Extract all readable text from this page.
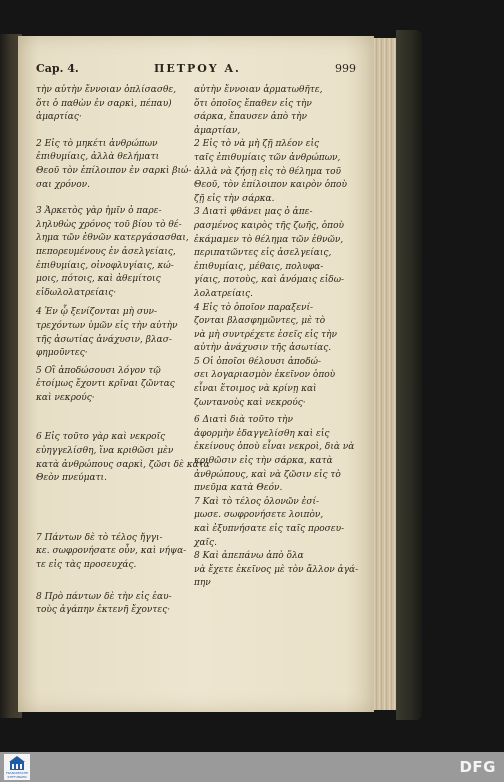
Cap. 4.	ΠΕΤΡΟΥ Α.	999

τὴν αὐτὴν ἔννοιαν ὁπλίσασθε,
ὅτι ὁ παθὼν ἐν σαρκὶ, πέπαυ)
ἁμαρτίας·

2 Εἰς τὸ μηκέτι ἀνθρώπων
ἐπιθυμίαις, ἀλλὰ θελήματι
Θεοῦ τὸν ἐπίλοιπον ἐν σαρκὶ βιώ-
σαι χρόνον.

3 Ἀρκετὸς γὰρ ἡμῖν ὁ παρε-
ληλυθὼς χρόνος τοῦ βίου τὸ θέ-
λημα τῶν ἐθνῶν κατεργάσασθαι,
πεπορευμένους ἐν ἀσελγείαις,
ἐπιθυμίαις, οἰνοφλυγίαις, κώ-
μοις, πότοις, καὶ ἀθεμίτοις
εἰδωλολατρείαις·

4 Ἐν ᾧ ξενίζονται μὴ συν-
τρεχόντων ὑμῶν εἰς τὴν αὐτὴν
τῆς ἀσωτίας ἀνάχυσιν, βλασ-
φημοῦντες·

5 Οἳ ἀποδώσουσι λόγον τῷ
ἑτοίμως ἔχοντι κρῖναι ζῶντας
καὶ νεκρούς·

6 Εἰς τοῦτο γὰρ καὶ νεκροῖς
εὐηγγελίσθη, ἵνα κριθῶσι μὲν
κατὰ ἀνθρώπους σαρκὶ, ζῶσι δὲ
Θεὸν πνεύματι.

7 Πάντων δὲ τὸ τέλος ἤγγι-
κε. σωφρονήσατε οὖν, καὶ νήψα-
τε εἰς τὰς προσευχάς.

8 Πρὸ πάντων δὲ τὴν εἰς ἑαυ-
τοὺς ἀγάπην ἐκτενῆ ἔχοντες·

αὐτὴν ἔννοιαν ἁρματωθῆτε,
ὅτι ὁποῖος ἔπαθεν εἰς τὴν
σάρκα, ἔπαυσεν ἀπὸ τὴν
ἁμαρτίαν,

2 Εἰς τὸ νὰ μὴ ζῇ πλέον εἰς
ταῖς ἐπιθυμίαις τῶν ἀνθρώπων,
ἀλλὰ νὰ ζήσῃ εἰς τὸ θέλημα τοῦ
Θεοῦ, τὸν ἐπίλοιπον καιρὸν ὁποὺ
ζῇ εἰς τὴν σάρκα.

3 Διατὶ φθάνει μας ὁ ἀπε-
ρασμένος καιρὸς τῆς ζωῆς, ὁποὺ
ἐκάμαμεν τὸ θέλημα τῶν ἐθνῶν,
περιπατῶντες εἰς ἀσελγείαις,
ἐπιθυμίαις, μέθαις, πολυφα-
γίαις, ποτοὺς, καὶ ἀνόμαις εἰδω-
λολατρείαις.

4 Εἰς τὸ ὁποῖον παραξενί-
ζονται βλασφημῶντες, μὲ τὸ
νὰ μὴ συντρέχετε ἐσεῖς εἰς τὴν
αὐτὴν ἀνάχυσιν τῆς ἀσωτίας.

5 Οἱ ὁποῖοι θέλουσι ἀποδώ-
σει λογαριασμὸν ἐκεῖνον ὁποὺ
εἶναι ἕτοιμος νὰ κρίνῃ καὶ
ζωντανοὺς καὶ νεκρούς·

6 Διατὶ διὰ τοῦτο τὴν
ἀφορμὴν ἐδαγγελίσθη καὶ εἰς
ἐκείνους ὁποὺ εἶναι νεκροὶ, διὰ
κριθῶσιν εἰς τὴν σάρκα, κατὰ
ἀνθρώπους, καὶ νὰ ζῶσιν εἰς τὸ
πνεῦμα κατὰ Θεόν.

7 Καὶ τὸ τέλος ὁλονῶν ἐσί-
μωσε. σωφρονήσετε λοιπὸν,
καὶ ἐξυπνήσατε εἰς ταῖς προσευ-
χαῖς.

8 Καὶ ἀπεπάνω ἀπὸ ὅλα
νὰ ἔχετε ἐκεῖνος μὲ τὸν ἄλλον
πην

FRANCKESCHE STIFTUNGEN
DFG
